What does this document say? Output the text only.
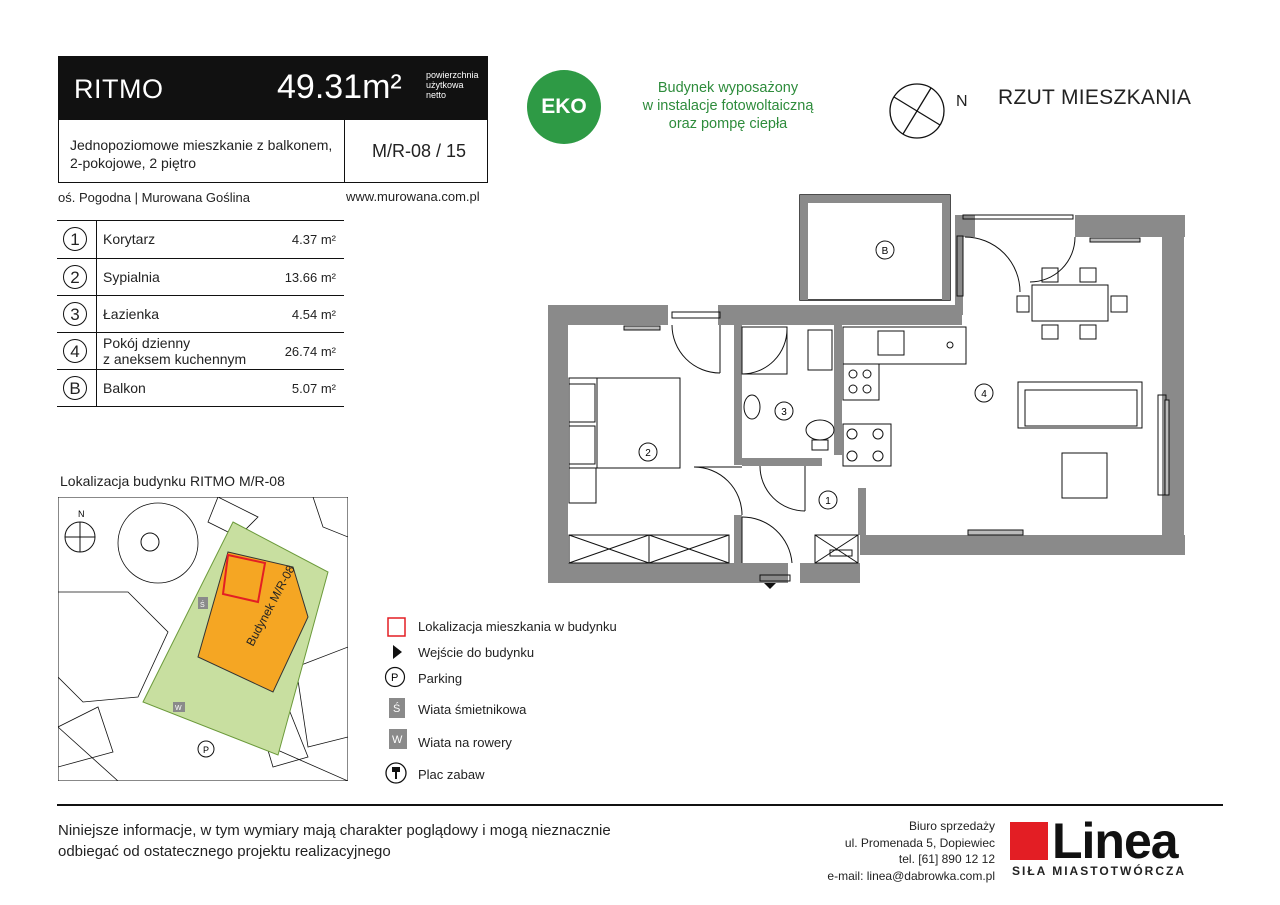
RITMO	49.31m²	powierzchnia użytkowa netto
Jednopoziomowe mieszkanie z balkonem,
2-pokojowe, 2 piętro
M/R-08 / 15
oś. Pogodna | Murowana Goślina	www.murowana.com.pl
1	Korytarz	4.37 m²
2	Sypialnia	13.66 m²
3	Łazienka	4.54 m²
4	Pokój dzienny
z aneksem kuchennym	26.74 m²
B	Balkon	5.07 m²
EKO
Budynek wyposażony
w instalacje fotowoltaiczną
oraz pompę ciepła
N RZUT MIESZKANIA
1
2
3
4
B
Lokalizacja budynku RITMO M/R-08
Budynek M/R-08
N
Ś
W
P
Lokalizacja mieszkania w budynku
Wejście do budynku
P Parking
Ś Wiata śmietnikowa
W Wiata na rowery
Plac zabaw
Niniejsze informacje, w tym wymiary mają charakter poglądowy i mogą nieznacznie
odbiegać od ostatecznego projektu realizacyjnego
Biuro sprzedaży
ul. Promenada 5, Dopiewiec
tel. [61] 890 12 12
e-mail: linea@dabrowka.com.pl
Linea
SIŁA MIASTOTWÓRCZA
